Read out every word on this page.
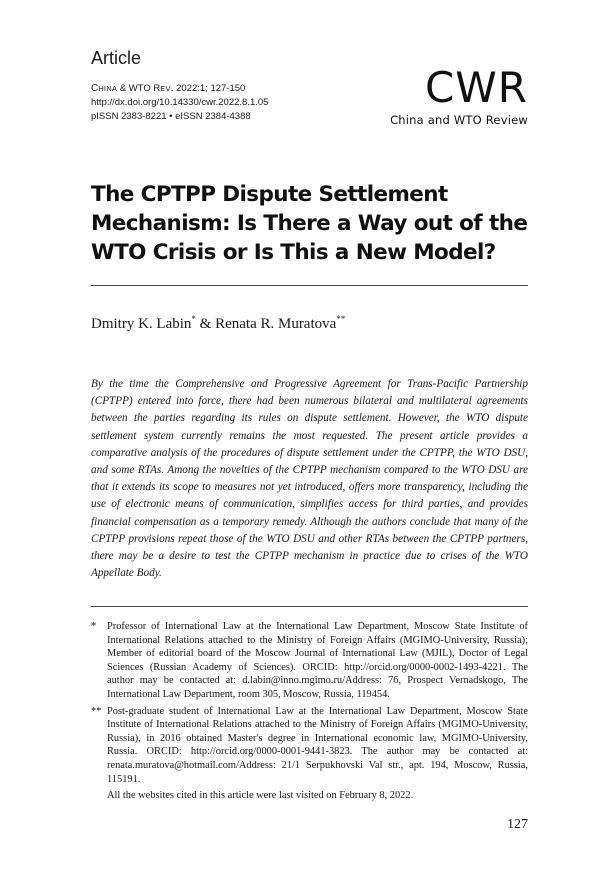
Article
CHINA & WTO REV. 2022:1; 127-150
http://dx.doi.org/10.14330/cwr.2022.8.1.05
pISSN 2383-8221 • eISSN 2384-4388
CWR
China and WTO Review
The CPTPP Dispute Settlement Mechanism: Is There a Way out of the WTO Crisis or Is This a New Model?
Dmitry K. Labin* & Renata R. Muratova**

By the time the Comprehensive and Progressive Agreement for Trans-Pacific Partnership (CPTPP) entered into force, there had been numerous bilateral and multilateral agreements between the parties regarding its rules on dispute settlement. However, the WTO dispute settlement system currently remains the most requested. The present article provides a comparative analysis of the procedures of dispute settlement under the CPTPP, the WTO DSU, and some RTAs. Among the novelties of the CPTPP mechanism compared to the WTO DSU are that it extends its scope to measures not yet introduced, offers more transparency, including the use of electronic means of communication, simplifies access for third parties, and provides financial compensation as a temporary remedy. Although the authors conclude that many of the CPTPP provisions repeat those of the WTO DSU and other RTAs between the CPTPP partners, there may be a desire to test the CPTPP mechanism in practice due to crises of the WTO Appellate Body.

* Professor of International Law at the International Law Department, Moscow State Institute of International Relations attached to the Ministry of Foreign Affairs (MGIMO-University, Russia); Member of editorial board of the Moscow Journal of International Law (MJIL), Doctor of Legal Sciences (Russian Academy of Sciences). ORCID: http://orcid.org/0000-0002-1493-4221. The author may be contacted at: d.labin@inno.mgimo.ru/Address: 76, Prospect Vernadskogo, The International Law Department, room 305, Moscow, Russia, 119454.
** Post-graduate student of International Law at the International Law Department, Moscow State Institute of International Relations attached to the Ministry of Foreign Affairs (MGIMO-University, Russia), in 2016 obtained Master's degree in International economic law, MGIMO-University, Russia. ORCID: http://orcid.org/0000-0001-9441-3823. The author may be contacted at: renata.muratova@hotmail.com/Address: 21/1 Serpukhovski Val str., apt. 194, Moscow, Russia, 115191.
All the websites cited in this article were last visited on February 8, 2022.
127
